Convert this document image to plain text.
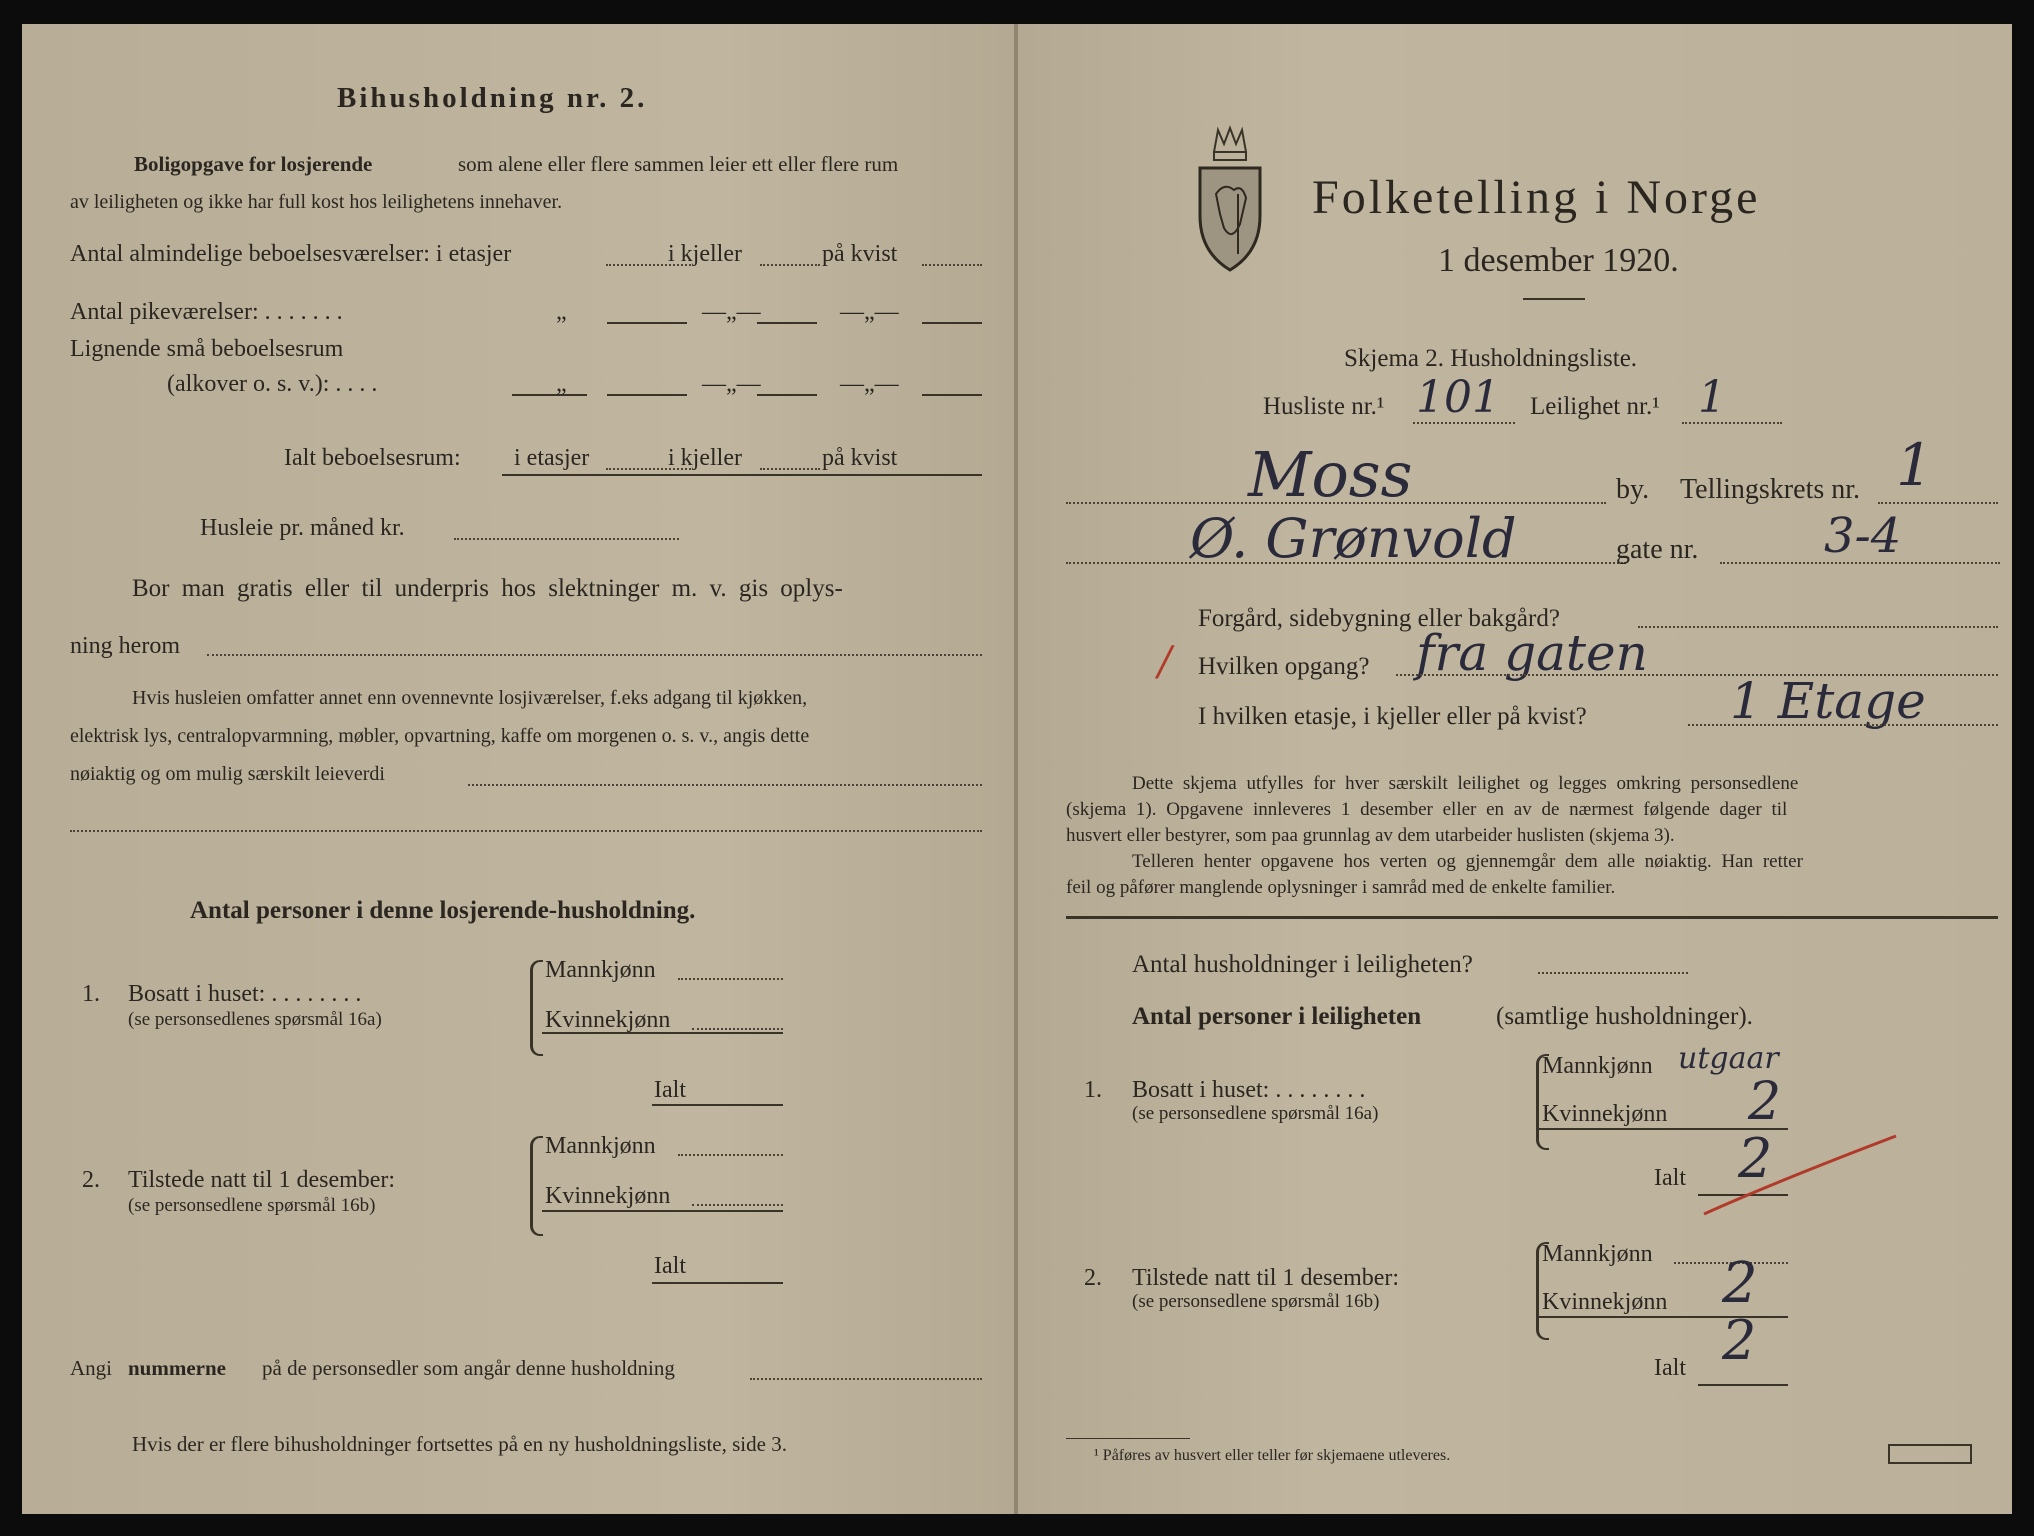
Bihusholdning nr. 2.
Boligopgave for losjerende	som alene eller flere sammen leier ett eller flere rum
av leiligheten og ikke har full kost hos leilighetens innehaver.
Antal almindelige beboelsesværelser: i etasjer	i kjeller	på kvist
Antal pikeværelser: . . . . . . .	„	—„—	—„—
Lignende små beboelsesrum
(alkover o. s. v.): . . . .	„	—„—	—„—
Ialt beboelsesrum: i etasjer	i kjeller	på kvist
Husleie pr. måned kr.
Bor man gratis eller til underpris hos slektninger m. v. gis oplys-
ning herom
Hvis husleien omfatter annet enn ovennevnte losjiværelser, f.eks adgang til kjøkken,
elektrisk lys, centralopvarmning, møbler, opvartning, kaffe om morgenen o. s. v., angis dette
nøiaktig og om mulig særskilt leieverdi
Antal personer i denne losjerende-husholdning.
1. Bosatt i huset: . . . . . . . .
(se personsedlenes spørsmål 16a)
Mannkjønn
Kvinnekjønn
Ialt
2. Tilstede natt til 1 desember:
(se personsedlene spørsmål 16b)
Mannkjønn
Kvinnekjønn
Ialt
Angi nummerne på de personsedler som angår denne husholdning
Hvis der er flere bihusholdninger fortsettes på en ny husholdningsliste, side 3.
Folketelling i Norge
1 desember 1920.
Skjema 2. Husholdningsliste.
Husliste nr.¹ 101 Leilighet nr.¹ 1
Moss	by. Tellingskrets nr. 1
Ø. Grønvold	gate nr.	3-4
Forgård, sidebygning eller bakgård?
/ Hvilken opgang? fra gaten
I hvilken etasje, i kjeller eller på kvist?	1 Etage
Dette skjema utfylles for hver særskilt leilighet og legges omkring personsedlene
(skjema 1). Opgavene innleveres 1 desember eller en av de nærmest følgende dager til
husvert eller bestyrer, som paa grunnlag av dem utarbeider huslisten (skjema 3).
Telleren henter opgavene hos verten og gjennemgår dem alle nøiaktig. Han retter
feil og påfører manglende oplysninger i samråd med de enkelte familier.
Antal husholdninger i leiligheten?
Antal personer i leiligheten	(samtlige husholdninger).
1. Bosatt i huset: . . . . . . . .
(se personsedlene spørsmål 16a)
Mannkjønn utgaar
Kvinnekjønn 2
Ialt 2
2. Tilstede natt til 1 desember:
(se personsedlene spørsmål 16b)
Mannkjønn
Kvinnekjønn 2
Ialt 2
¹ Påføres av husvert eller teller før skjemaene utleveres.
